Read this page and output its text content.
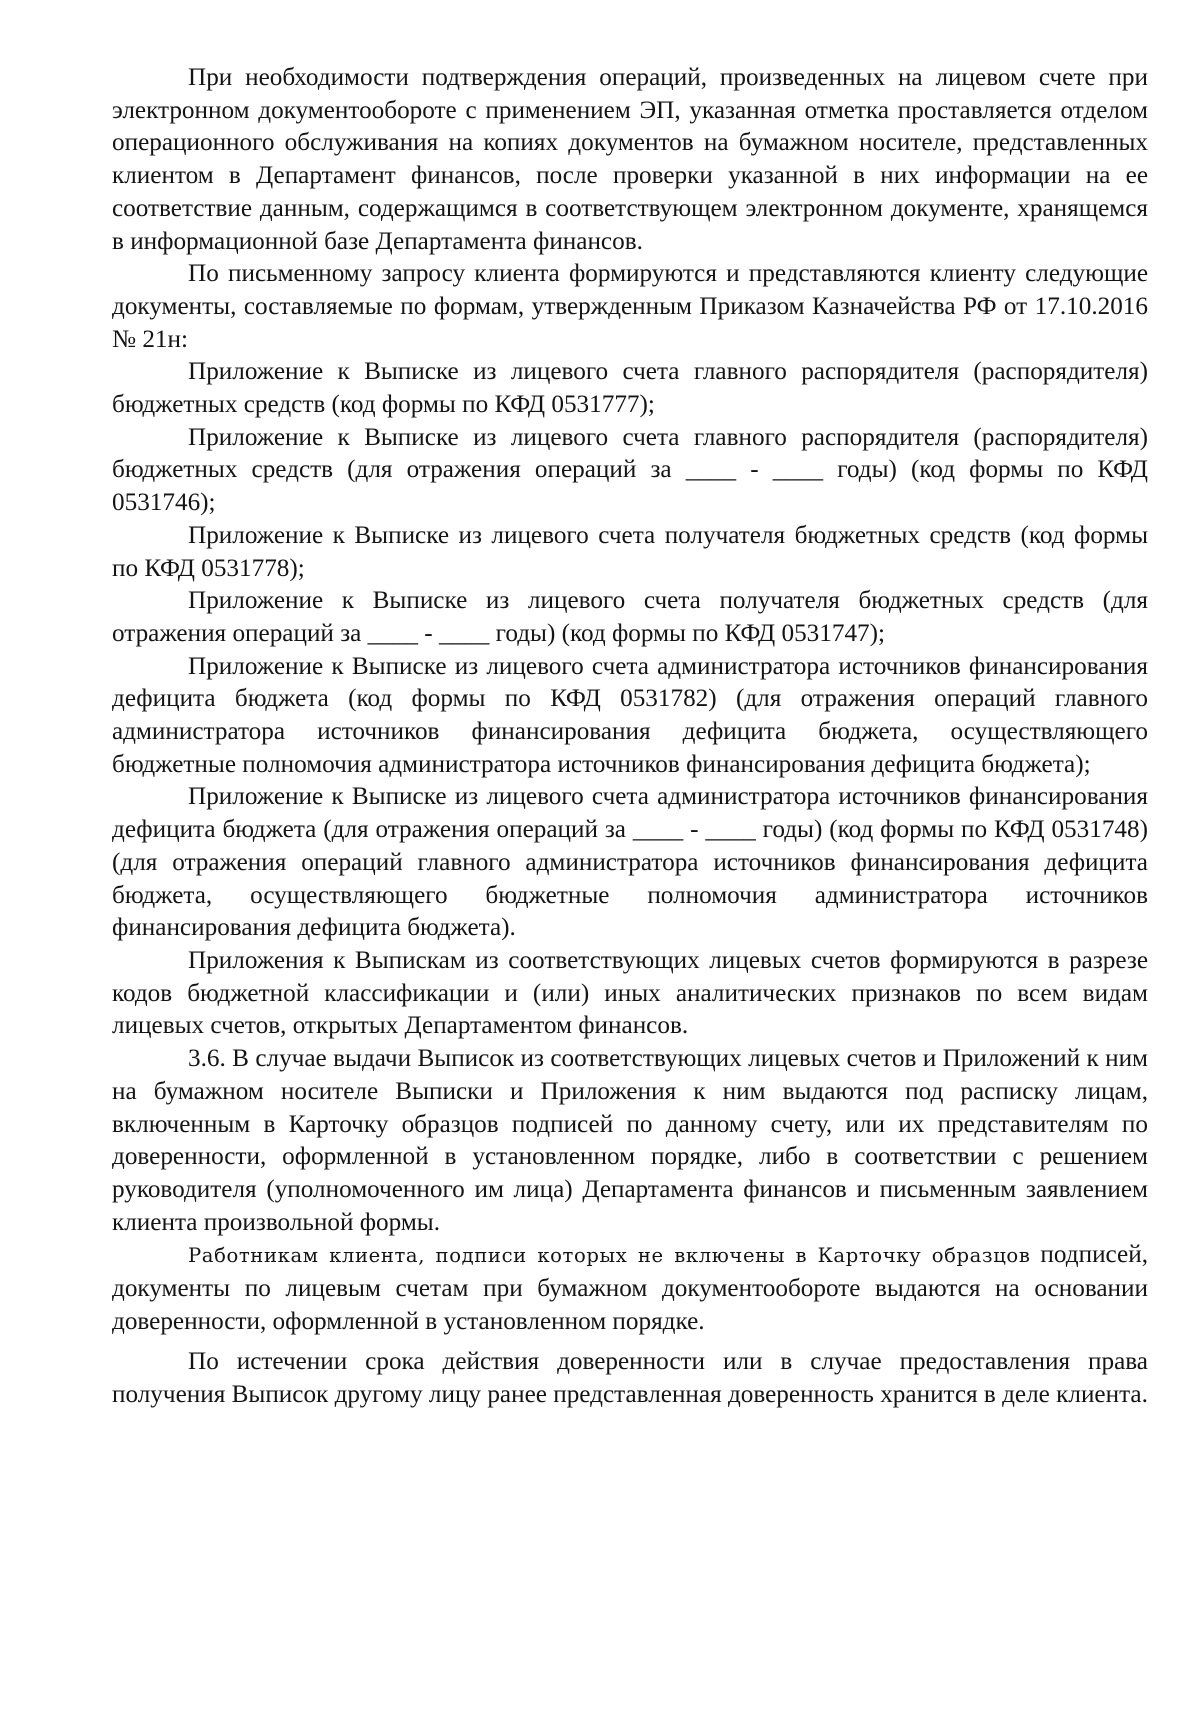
При необходимости подтверждения операций, произведенных на лицевом счете при электронном документообороте с применением ЭП, указанная отметка проставляется отделом операционного обслуживания на копиях документов на бумажном носителе, представленных клиентом в Департамент финансов, после проверки указанной в них информации на ее соответствие данным, содержащимся в соответствующем электронном документе, хранящемся в информационной базе Департамента финансов.

По письменному запросу клиента формируются и представляются клиенту следующие документы, составляемые по формам, утвержденным Приказом Казначейства РФ от 17.10.2016 № 21н:

Приложение к Выписке из лицевого счета главного распорядителя (распорядителя) бюджетных средств (код формы по КФД 0531777);

Приложение к Выписке из лицевого счета главного распорядителя (распорядителя) бюджетных средств (для отражения операций за ____ - ____ годы) (код формы по КФД 0531746);

Приложение к Выписке из лицевого счета получателя бюджетных средств (код формы по КФД 0531778);

Приложение к Выписке из лицевого счета получателя бюджетных средств (для отражения операций за ____ - ____ годы) (код формы по КФД 0531747);

Приложение к Выписке из лицевого счета администратора источников финансирования дефицита бюджета (код формы по КФД 0531782) (для отражения операций главного администратора источников финансирования дефицита бюджета, осуществляющего бюджетные полномочия администратора источников финансирования дефицита бюджета);

Приложение к Выписке из лицевого счета администратора источников финансирования дефицита бюджета (для отражения операций за ____ - ____ годы) (код формы по КФД 0531748) (для отражения операций главного администратора источников финансирования дефицита бюджета, осуществляющего бюджетные полномочия администратора источников финансирования дефицита бюджета).

Приложения к Выпискам из соответствующих лицевых счетов формируются в разрезе кодов бюджетной классификации и (или) иных аналитических признаков по всем видам лицевых счетов, открытых Департаментом финансов.

3.6. В случае выдачи Выписок из соответствующих лицевых счетов и Приложений к ним на бумажном носителе Выписки и Приложения к ним выдаются под расписку лицам, включенным в Карточку образцов подписей по данному счету, или их представителям по доверенности, оформленной в установленном порядке, либо в соответствии с решением руководителя (уполномоченного им лица) Департамента финансов и письменным заявлением клиента произвольной формы.

Работникам клиента, подписи которых не включены в Карточку образцов подписей, документы по лицевым счетам при бумажном документообороте выдаются на основании доверенности, оформленной в установленном порядке.

По истечении срока действия доверенности или в случае предоставления права получения Выписок другому лицу ранее представленная доверенность хранится в деле клиента.
